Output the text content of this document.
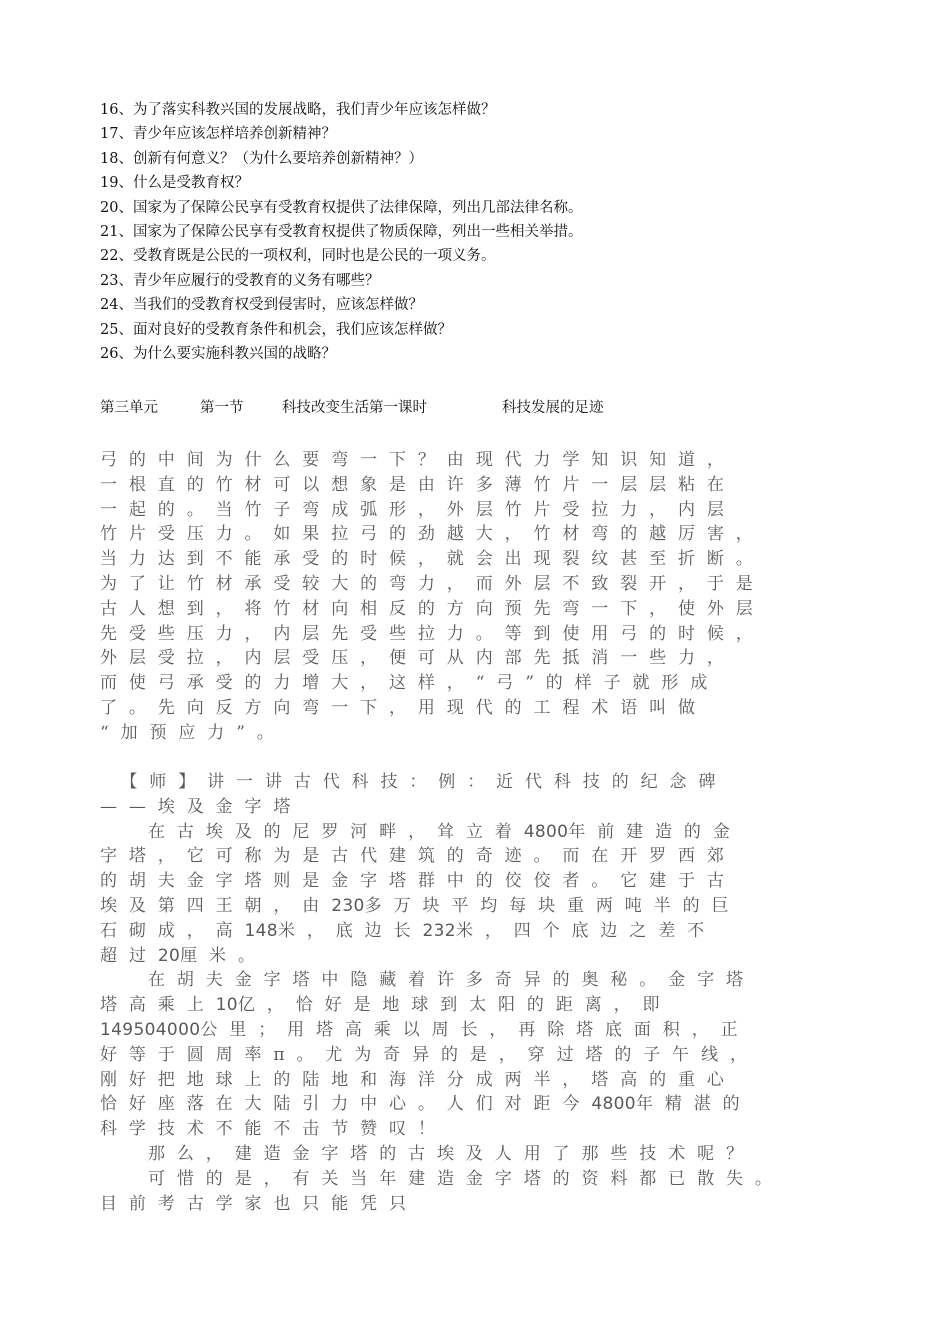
16、为了落实科教兴国的发展战略，我们青少年应该怎样做？
17、青少年应该怎样培养创新精神？
18、创新有何意义？（为什么要培养创新精神？）
19、什么是受教育权？
20、国家为了保障公民享有受教育权提供了法律保障，列出几部法律名称。
21、国家为了保障公民享有受教育权提供了物质保障，列出一些相关举措。
22、受教育既是公民的一项权利，同时也是公民的一项义务。
23、青少年应履行的受教育的义务有哪些？
24、当我们的受教育权受到侵害时，应该怎样做？
25、面对良好的受教育条件和机会，我们应该怎样做？
26、为什么要实施科教兴国的战略？
第三单元	第一节	科技改变生活第一课时	科技发展的足迹
弓的中间为什么要弯一下？由现代力学知识知道，
一根直的竹材可以想象是由许多薄竹片一层层粘在
一起的。当竹子弯成弧形，外层竹片受拉力，内层
竹片受压力。如果拉弓的劲越大，竹材弯的越厉害，
当力达到不能承受的时候，就会出现裂纹甚至折断。
为了让竹材承受较大的弯力，而外层不致裂开，于是
古人想到，将竹材向相反的方向预先弯一下，使外层
先受些压力，内层先受些拉力。等到使用弓的时候，
外层受拉，内层受压，便可从内部先抵消一些力，
而使弓承受的力增大，这样，“弓”的样子就形成
了。先向反方向弯一下，用现代的工程术语叫做
“加预应力”。
　【师】讲一讲古代科技：例：近代科技的纪念碑
——埃及金字塔
在古埃及的尼罗河畔，耸立着4800年前建造的金
字塔，它可称为是古代建筑的奇迹。而在开罗西郊
的胡夫金字塔则是金字塔群中的佼佼者。它建于古
埃及第四王朝，由230多万块平均每块重两吨半的巨
石砌成，高148米，底边长232米，四个底边之差不
超过20厘米。
在胡夫金字塔中隐藏着许多奇异的奥秘。金字塔
塔高乘上10亿，恰好是地球到太阳的距离，即
149504000公里；用塔高乘以周长，再除塔底面积，正
好等于圆周率π。尤为奇异的是，穿过塔的子午线，
刚好把地球上的陆地和海洋分成两半，塔高的重心
恰好座落在大陆引力中心。人们对距今4800年精湛的
科学技术不能不击节赞叹！
那么，建造金字塔的古埃及人用了那些技术呢？
可惜的是，有关当年建造金字塔的资料都已散失。
目前考古学家也只能凭只
